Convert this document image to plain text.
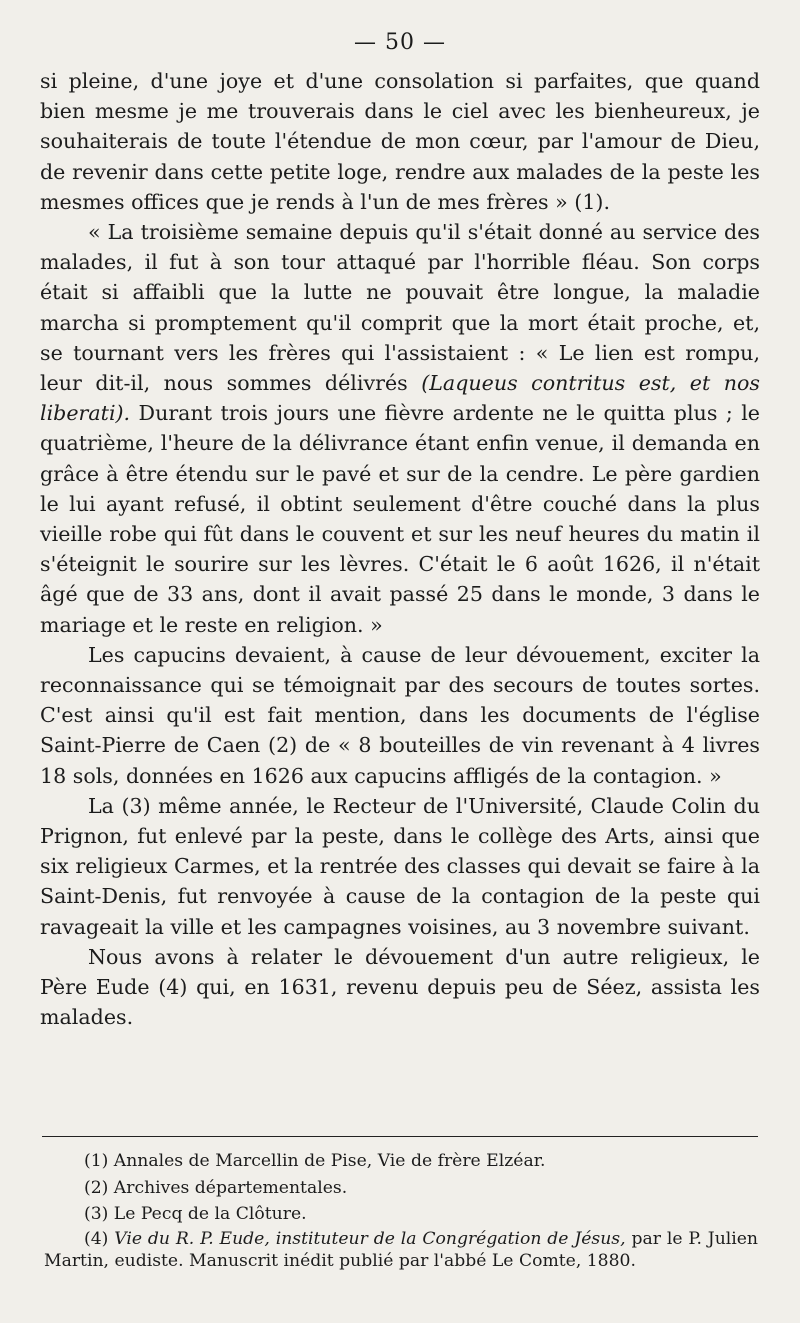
— 50 —

si pleine, d'une joye et d'une consolation si parfaites, que quand bien mesme je me trouverais dans le ciel avec les bienheureux, je souhaiterais de toute l'étendue de mon cœur, par l'amour de Dieu, de revenir dans cette petite loge, rendre aux malades de la peste les mesmes offices que je rends à l'un de mes frères » (1).

« La troisième semaine depuis qu'il s'était donné au service des malades, il fut à son tour attaqué par l'horrible fléau. Son corps était si affaibli que la lutte ne pouvait être longue, la maladie marcha si promptement qu'il comprit que la mort était proche, et, se tournant vers les frères qui l'assistaient : « Le lien est rompu, leur dit-il, nous sommes délivrés (Laqueus contritus est, et nos liberati). Durant trois jours une fièvre ardente ne le quitta plus ; le quatrième, l'heure de la délivrance étant enfin venue, il demanda en grâce à être étendu sur le pavé et sur de la cendre. Le père gardien le lui ayant refusé, il obtint seulement d'être couché dans la plus vieille robe qui fût dans le couvent et sur les neuf heures du matin il s'éteignit le sourire sur les lèvres. C'était le 6 août 1626, il n'était âgé que de 33 ans, dont il avait passé 25 dans le monde, 3 dans le mariage et le reste en religion. »

Les capucins devaient, à cause de leur dévouement, exciter la reconnaissance qui se témoignait par des secours de toutes sortes. C'est ainsi qu'il est fait mention, dans les documents de l'église Saint-Pierre de Caen (2) de « 8 bouteilles de vin revenant à 4 livres 18 sols, données en 1626 aux capucins affligés de la contagion. »

La (3) même année, le Recteur de l'Université, Claude Colin du Prignon, fut enlevé par la peste, dans le collège des Arts, ainsi que six religieux Carmes, et la rentrée des classes qui devait se faire à la Saint-Denis, fut renvoyée à cause de la contagion de la peste qui ravageait la ville et les campagnes voisines, au 3 novembre suivant.

Nous avons à relater le dévouement d'un autre religieux, le Père Eude (4) qui, en 1631, revenu depuis peu de Séez, assista les malades.

(1) Annales de Marcellin de Pise, Vie de frère Elzéar.
(2) Archives départementales.
(3) Le Pecq de la Clôture.

(4) Vie du R. P. Eude, instituteur de la Congrégation de Jésus, par le P. Julien Martin, eudiste. Manuscrit inédit publié par l'abbé Le Comte, 1880.
